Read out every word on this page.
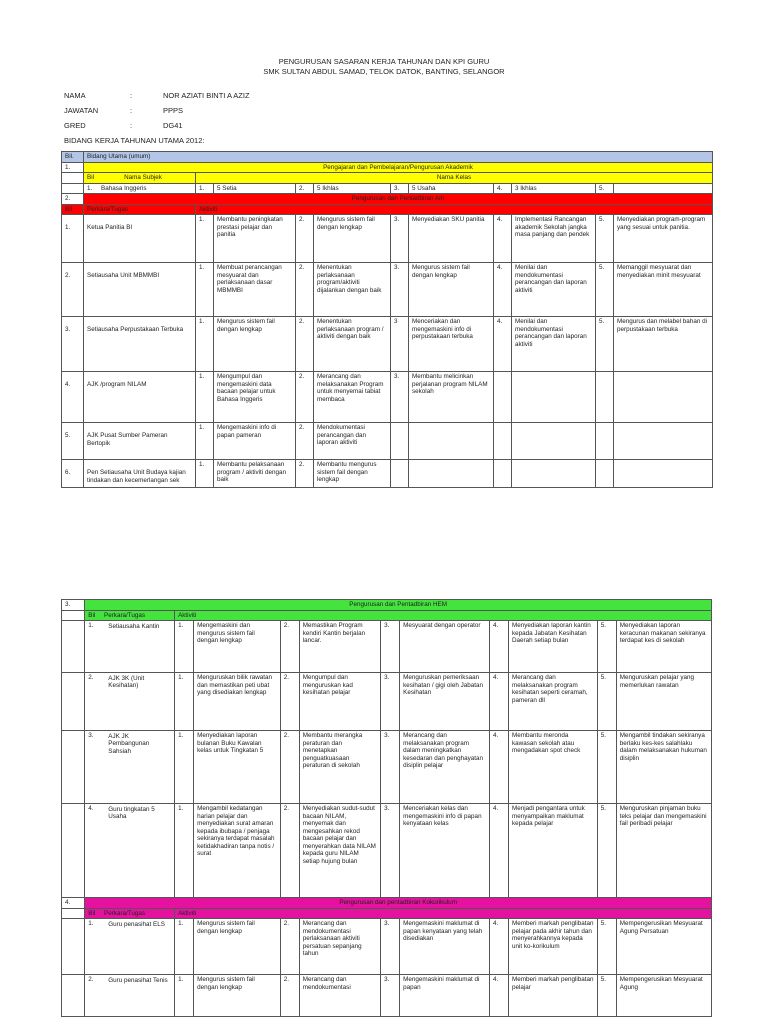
PENGURUSAN SASARAN KERJA TAHUNAN DAN KPI GURU
SMK SULTAN ABDUL SAMAD, TELOK DATOK, BANTING, SELANGOR
NAMA	:	NOR AZIATI BINTI A AZIZ
JAWATAN	:	PPPS
GRED	:	DG41
BIDANG KERJA TAHUNAN UTAMA 2012:
Bil.	Bidang Utama (umum)										
1.	Pengajaran dan Pembelajaran/Pengurusan Akademik										

	Bil Nama Subjek	Nama Kelas									
	1. Bahasa Inggeris	1.	5 Setia	2.	5 Ikhlas	3.	5 Usaha	4.	3 Ikhlas	5.	
2.	Pengurusan dan Pentadbiran Am										
Bil	Perkara/Tugas	Aktiviti									
1.	Ketua Panitia BI	1.	Membantu peningkatan prestasi pelajar dan panitia	2.	Mengurus sistem fail dengan lengkap	3.	Menyediakan SKU panitia	4.	Implementasi Rancangan akademik Sekolah jangka masa panjang dan pendek	5.	Menyediakan program-program yang sesuai untuk panitia.
2.	Setiausaha Unit MBMMBI	1.	Membuat perancangan mesyuarat dan perlaksanaan dasar MBMMBI	2.	Menentukan perlaksanaan program/aktiviti dijalankan dengan baik	3.	Mengurus sistem fail dengan lengkap	4.	Menilai dan mendokumentasi perancangan dan laporan aktiviti	5.	Memanggil mesyuarat dan menyediakan minit mesyuarat
3.	Setiausaha Perpustakaan Terbuka	1.	Mengurus sistem fail dengan lengkap	2.	Menentukan perlaksanaan program / aktiviti dengan baik	3	Menceriakan dan mengemaskini info di perpustakaan terbuka	4.	Menilai dan mendokumentasi perancangan dan laporan aktiviti	5.	Mengurus dan melabel bahan di perpustakaan terbuka
4.	AJK /program NILAM	1.	Mengumpul dan mengemaskini data bacaan pelajar untuk Bahasa Inggeris	2.	Merancang dan melaksanakan Program untuk menyemai tabiat membaca	3.	Membantu melicinkan perjalanan program NILAM sekolah				
5.	AJK Pusat Sumber Pameran Bertopik	1.	Mengemaskini info di papan pameran	2.	Mendokumentasi perancangan dan laporan aktiviti						
6.	Pen Setiausaha Unit Budaya kajian tindakan dan kecemerlangan sek	1.	Membantu pelaksanaan program / aktiviti dengan baik	2.	Membantu mengurus sistem fail dengan lengkap						
3.	Pengurusan dan Pentadbiran HEM										
	Bil Perkara/Tugas	Aktiviti									
	1. Setiausaha Kantin	1.	Mengemaskini dan mengurus sistem fail dengan lengkap	2.	Memastikan Program kendiri Kantin berjalan lancar.	3.	Mesyuarat dengan operator	4.	Menyediakan laporan kantin kepada Jabatan Kesihatan Daerah setiap bulan	5.	Menyediakan laporan keracunan makanan sekiranya terdapat kes di sekolah
	2. AJK 3K (Unit Kesihatan)	1.	Menguruskan bilik rawatan dan memastikan peti ubat yang disediakan lengkap	2.	Mengumpul dan menguruskan kad kesihatan pelajar	3.	Menguruskan pemeriksaan kesihatan / gigi oleh Jabatan Kesihatan	4.	Merancang dan melaksanakan program kesihatan seperti ceramah, pameran dll	5.	Menguruskan pelajar yang memerlukan rawatan
	3. AJK JK Pembangunan Sahsiah	1.	Menyediakan laporan bulanan Buku Kawalan kelas untuk Tingkatan 5	2.	Membantu merangka peraturan dan menetapkan penguatkuasaan peraturan di sekolah	3.	Merancang dan melaksanakan program dalam meningkatkan kesedaran dan penghayatan disiplin pelajar	4.	Membantu meronda kawasan sekolah atau mengadakan spot check	5.	Mengambil tindakan sekiranya berlaku kes-kes salahlaku dalam melaksanakan hukuman disiplin
	4. Guru tingkatan 5 Usaha	1.	Mengambil kedatangan harian pelajar dan menyediakan surat amaran kepada ibubapa / penjaga sekiranya terdapat masalah ketidakhadiran tanpa notis / surat	2.	Menyediakan sudut-sudut bacaan NILAM, menyemak dan mengesahkan rekod bacaan pelajar dan menyerahkan data NILAM kepada guru NILAM setiap hujung bulan	3.	Menceriakan kelas dan mengemaskini info di papan kenyataan kelas	4.	Menjadi pengantara untuk menyampaikan maklumat kepada pelajar	5.	Menguruskan pinjaman buku teks pelajar dan mengemaskini fail peribadi pelajar
4.	Pengurusan dan pentadbiran Kokurikulum										
	Bil Perkara/Tugas	Aktiviti									
	1. Guru penasihat ELS	1.	Mengurus sistem fail dengan lengkap	2.	Merancang dan mendokumentasi perlaksanaan aktiviti persatuan sepanjang tahun	3.	Mengemaskini maklumat di papan kenyataan yang telah disediakan	4.	Memberi markah penglibatan pelajar pada akhir tahun dan menyerahkannya kepada unit ko-korikulum	5.	Mempengerusikan Mesyuarat Agung Persatuan
	2. Guru penasihat Tenis	1.	Mengurus sistem fail dengan lengkap	2.	Merancang dan mendokumentasi	3.	Mengemaskini maklumat di papan	4.	Memberi markah penglibatan pelajar	5.	Mempengerusikan Mesyuarat Agung
